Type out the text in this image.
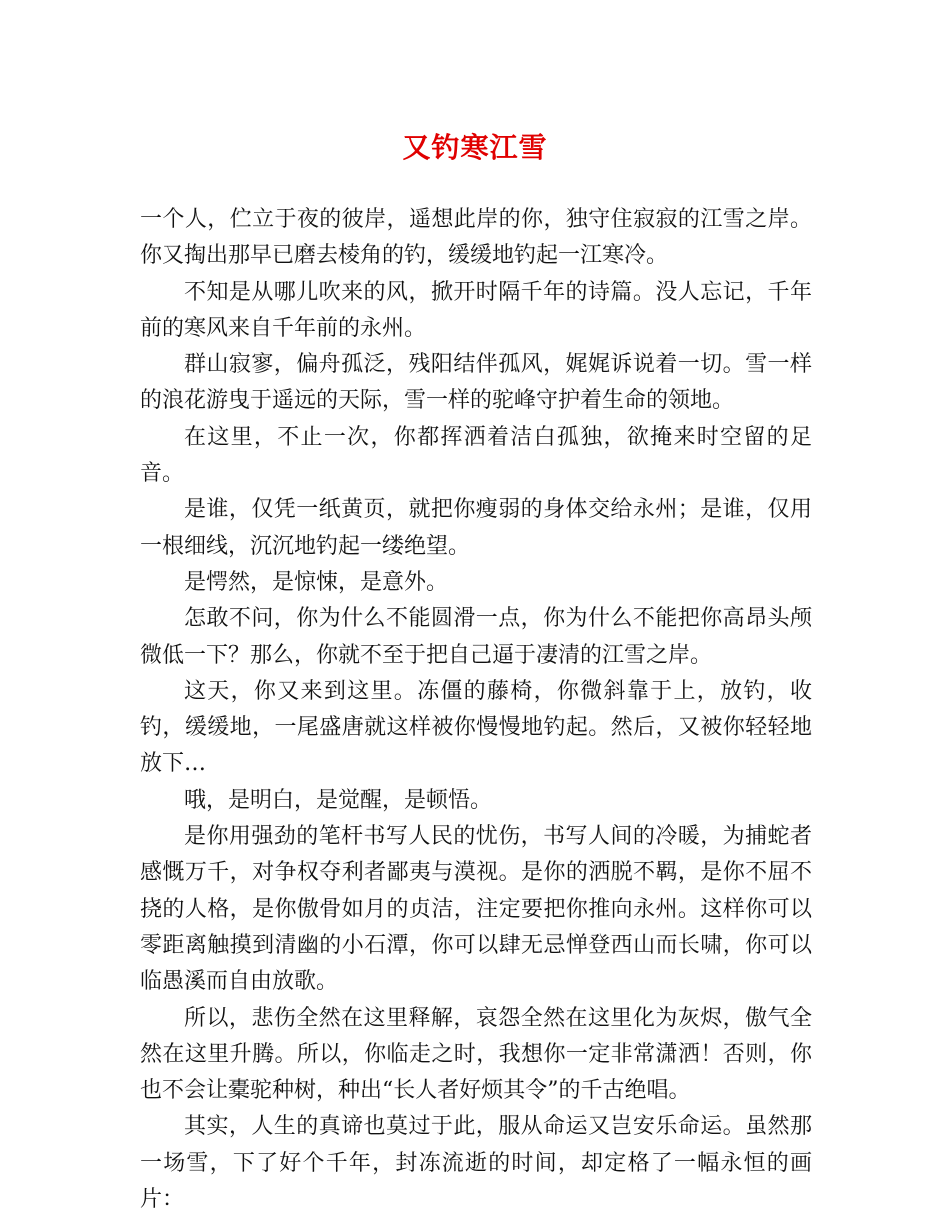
又钓寒江雪

一个人，伫立于夜的彼岸，遥想此岸的你，独守住寂寂的江雪之岸。你又掏出那早已磨去棱角的钓，缓缓地钓起一江寒冷。

不知是从哪儿吹来的风，掀开时隔千年的诗篇。没人忘记，千年前的寒风来自千年前的永州。

群山寂寥，偏舟孤泛，残阳结伴孤风，娓娓诉说着一切。雪一样的浪花游曳于遥远的天际，雪一样的驼峰守护着生命的领地。

在这里，不止一次，你都挥洒着洁白孤独，欲掩来时空留的足音。

是谁，仅凭一纸黄页，就把你瘦弱的身体交给永州；是谁，仅用一根细线，沉沉地钓起一缕绝望。

是愕然，是惊悚，是意外。

怎敢不问，你为什么不能圆滑一点，你为什么不能把你高昂头颅微低一下？那么，你就不至于把自己逼于凄清的江雪之岸。

这天，你又来到这里。冻僵的藤椅，你微斜靠于上，放钓，收钓，缓缓地，一尾盛唐就这样被你慢慢地钓起。然后，又被你轻轻地放下…

哦，是明白，是觉醒，是顿悟。

是你用强劲的笔杆书写人民的忧伤，书写人间的冷暖，为捕蛇者感慨万千，对争权夺利者鄙夷与漠视。是你的洒脱不羁，是你不屈不挠的人格，是你傲骨如月的贞洁，注定要把你推向永州。这样你可以零距离触摸到清幽的小石潭，你可以肆无忌惮登西山而长啸，你可以临愚溪而自由放歌。

所以，悲伤全然在这里释解，哀怨全然在这里化为灰烬，傲气全然在这里升腾。所以，你临走之时，我想你一定非常潇洒！否则，你也不会让橐驼种树，种出“长人者好烦其令”的千古绝唱。

其实，人生的真谛也莫过于此，服从命运又岂安乐命运。虽然那一场雪，下了好个千年，封冻流逝的时间，却定格了一幅永恒的画片：
